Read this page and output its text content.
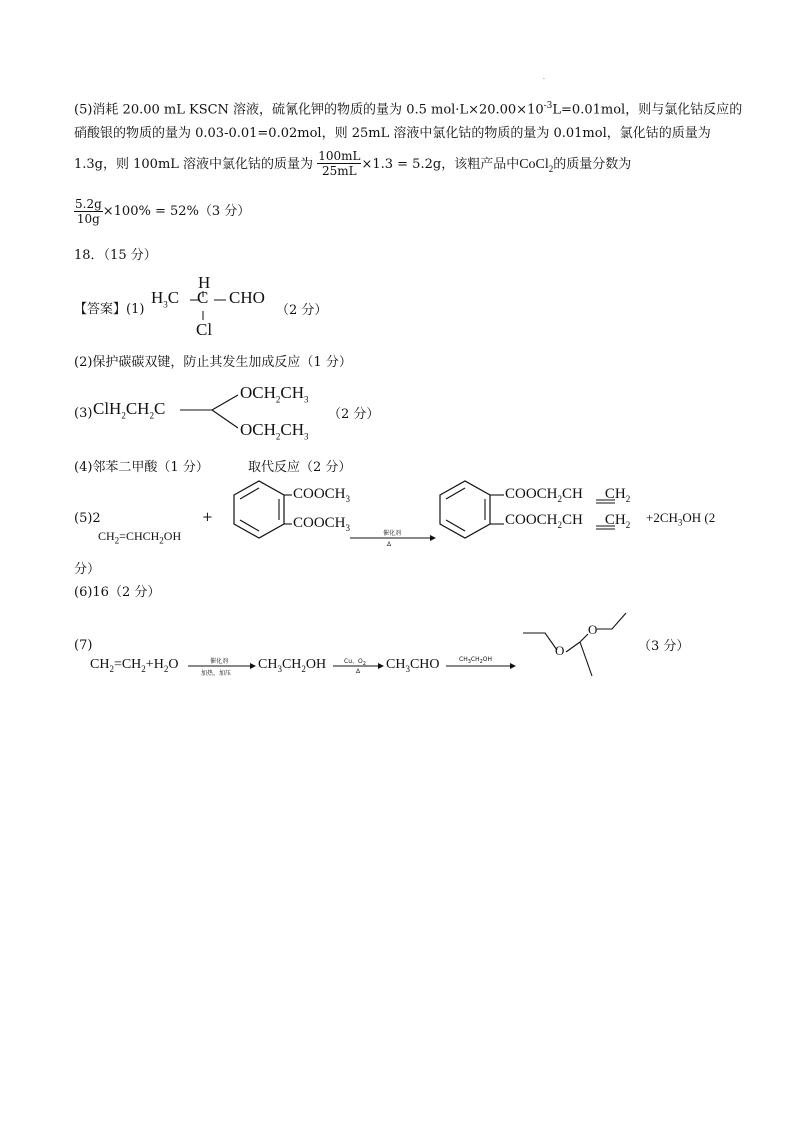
·
(5)消耗 20.00 mL KSCN 溶液，硫氰化钾的物质的量为 0.5 $mol\cdot L\times 20.00\times 10^{-3}L=0.01mol$，则与氯化钴反应的
硝酸银的物质的量为 0.03-0.01=0.02mol，则 25mL 溶液中氯化钴的物质的量为 0.01mol，氯化钴的质量为
1.3g，则 100mL 溶液中氯化钴的质量为 $\frac{100mL}{25mL} \times 1.3 = 5.2g$，该粗产品中CoCl$_2$的质量分数为
$\frac{5.2g}{10g} \times 100\% = 52\%(3$ 分）
18．（15 分）
【答案】(1)
H
$H_3C$ C CHO
Cl
（2 分）
(2)保护碳碳双键，防止其发生加成反应（1 分）
(3) $ClH_2CH_2C$
$OCH_2CH_3$
$OCH_2CH_3$
（2 分）
(4)邻苯二甲酸（1 分）	取代反应（2 分）
(5)2
$CH_2=CHCH_2OH$
+
$COOCH_3$
$COOCH_3$
催化剂
Δ
$COOCH_2CH$ $CH_2$
$COOCH_2CH$ $CH_2 +2CH_3OH$ (2
分）
(6)16（2 分）
(7)
$CH_2=CH_2+H_2O$	催化剂
加热，加压
$CH_3CH_2OH$	Cu、$O_2$
Δ $CH_3CHO$	$CH_3CH_2OH$
O
O
（3 分）
